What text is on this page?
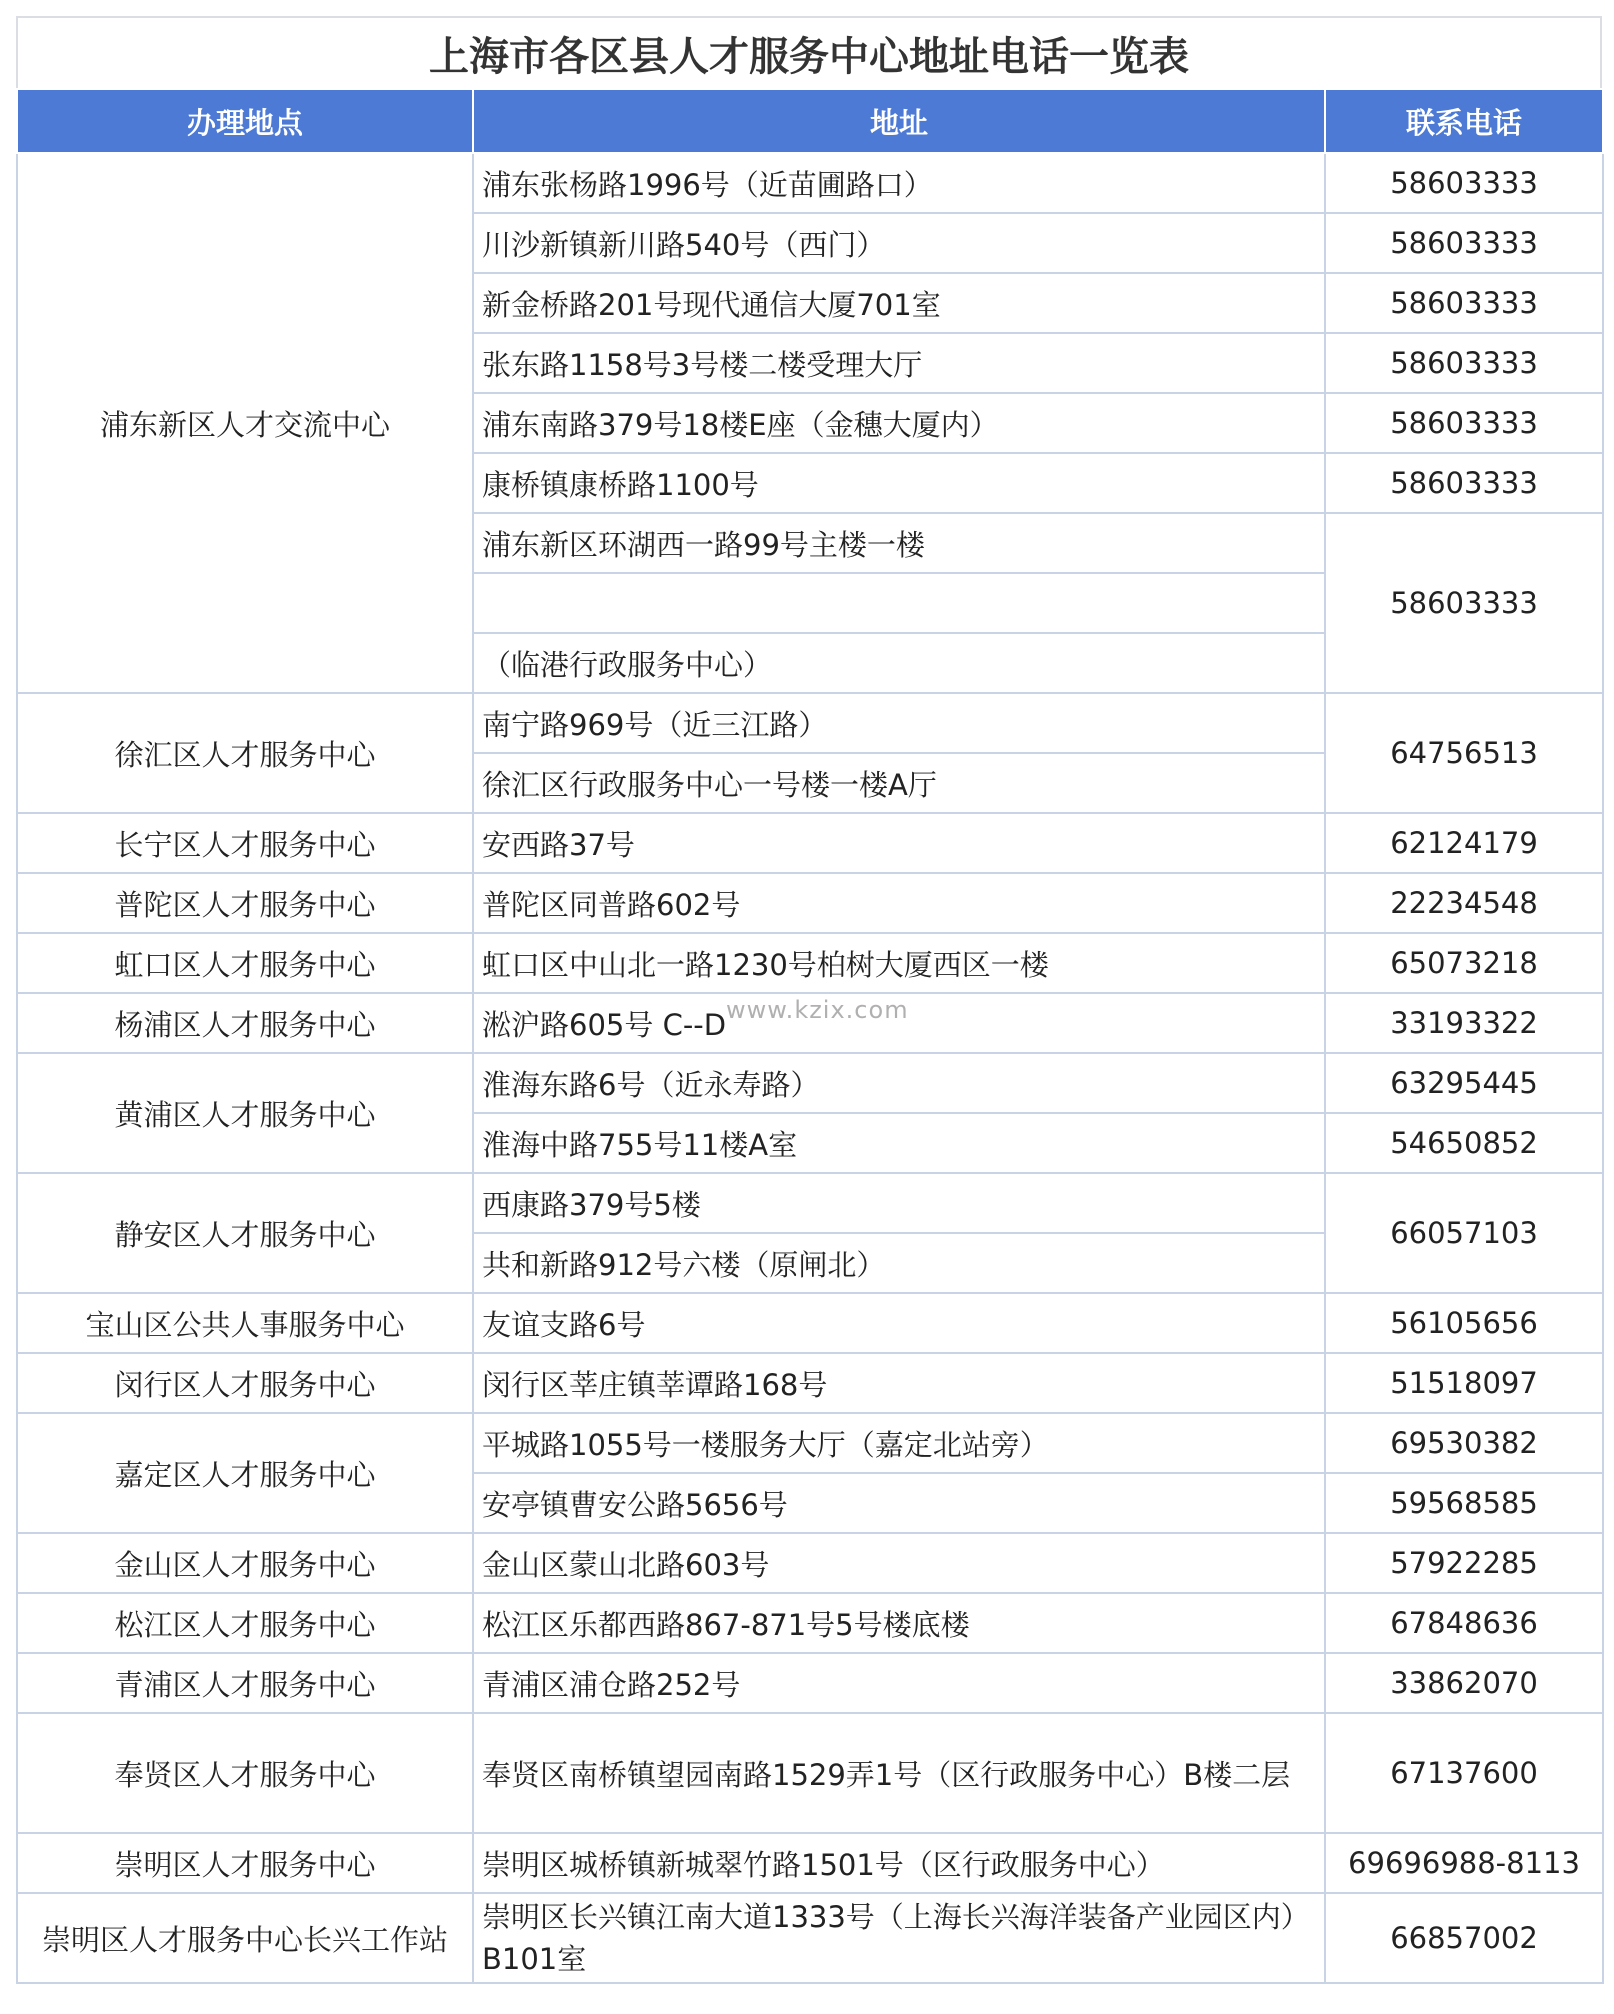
上海市各区县人才服务中心地址电话一览表
办理地点	地址	联系电话
浦东新区人才交流中心	浦东张杨路1996号（近苗圃路口）	58603333
	川沙新镇新川路540号（西门）	58603333
	新金桥路201号现代通信大厦701室	58603333
	张东路1158号3号楼二楼受理大厅	58603333
	浦东南路379号18楼E座（金穗大厦内）	58603333
	康桥镇康桥路1100号	58603333
	浦东新区环湖西一路99号主楼一楼	58603333

	（临港行政服务中心）	
徐汇区人才服务中心	南宁路969号（近三江路）	64756513
	徐汇区行政服务中心一号楼一楼A厅	
长宁区人才服务中心	安西路37号	62124179
普陀区人才服务中心	普陀区同普路602号	22234548
虹口区人才服务中心	虹口区中山北一路1230号柏树大厦西区一楼	65073218
杨浦区人才服务中心	淞沪路605号 C--D	33193322
黄浦区人才服务中心	淮海东路6号（近永寿路）	63295445
	淮海中路755号11楼A室	54650852
静安区人才服务中心	西康路379号5楼	66057103
	共和新路912号六楼（原闸北）	
宝山区公共人事服务中心	友谊支路6号	56105656
闵行区人才服务中心	闵行区莘庄镇莘谭路168号	51518097
嘉定区人才服务中心	平城路1055号一楼服务大厅（嘉定北站旁）	69530382
	安亭镇曹安公路5656号	59568585
金山区人才服务中心	金山区蒙山北路603号	57922285
松江区人才服务中心	松江区乐都西路867-871号5号楼底楼	67848636
青浦区人才服务中心	青浦区浦仓路252号	33862070
奉贤区人才服务中心	奉贤区南桥镇望园南路1529弄1号（区行政服务中心）B楼二层	67137600
崇明区人才服务中心	崇明区城桥镇新城翠竹路1501号（区行政服务中心）	69696988-8113
崇明区人才服务中心长兴工作站	崇明区长兴镇江南大道1333号（上海长兴海洋装备产业园区内）B101室	66857002
www.kzix.com
